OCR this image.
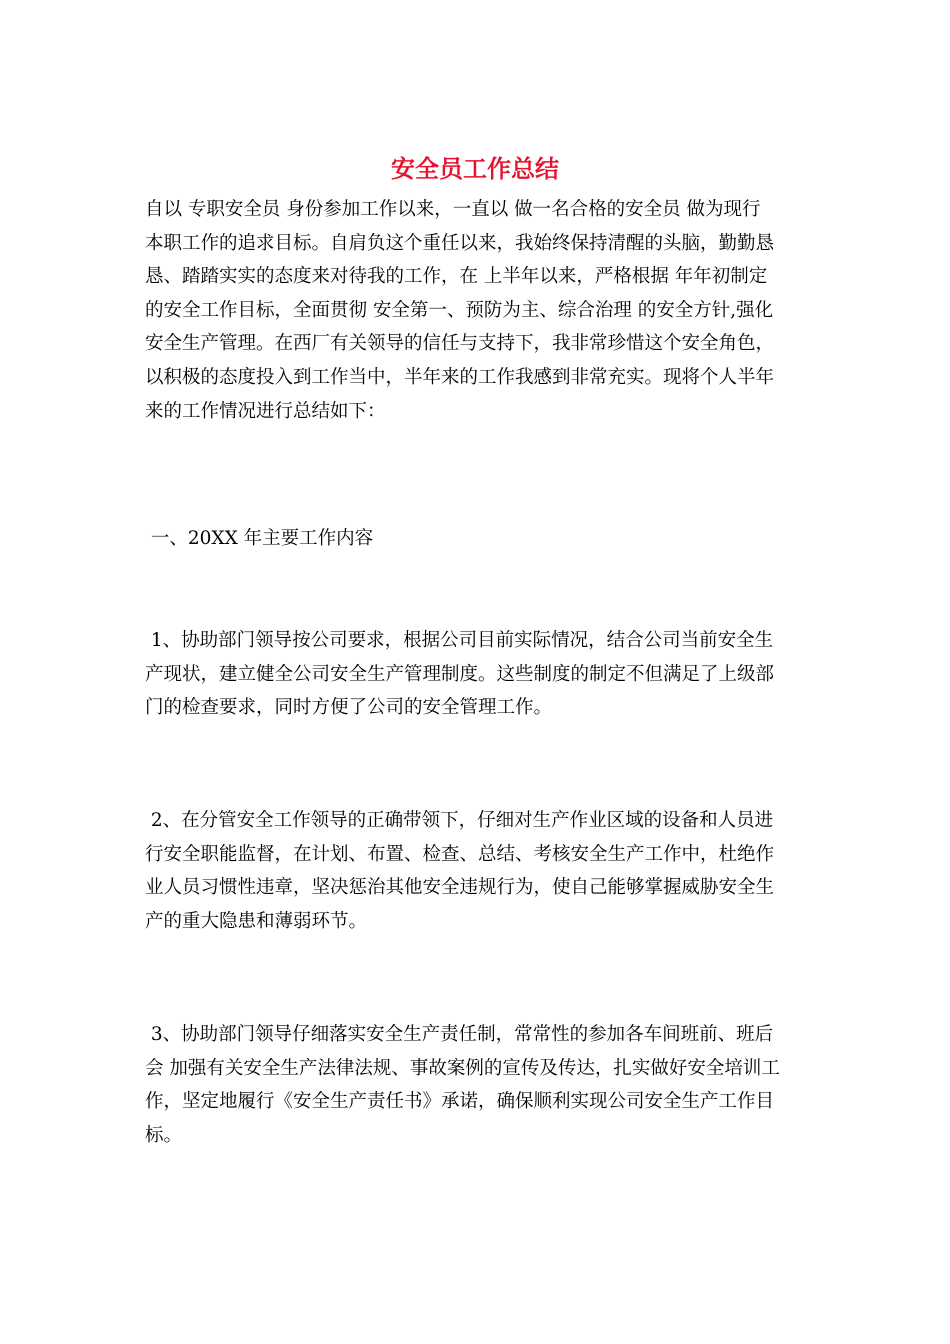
安全员工作总结
自以 专职安全员 身份参加工作以来，一直以 做一名合格的安全员 做为现行
本职工作的追求目标。自肩负这个重任以来，我始终保持清醒的头脑，勤勤恳
恳、踏踏实实的态度来对待我的工作，在 上半年以来，严格根据 年年初制定
的安全工作目标，全面贯彻 安全第一、预防为主、综合治理 的安全方针,强化
安全生产管理。在西厂有关领导的信任与支持下，我非常珍惜这个安全角色，
以积极的态度投入到工作当中，半年来的工作我感到非常充实。现将个人半年
来的工作情况进行总结如下：
一、20XX 年主要工作内容
1、协助部门领导按公司要求，根据公司目前实际情况，结合公司当前安全生
产现状，建立健全公司安全生产管理制度。这些制度的制定不但满足了上级部
门的检查要求，同时方便了公司的安全管理工作。
2、在分管安全工作领导的正确带领下，仔细对生产作业区域的设备和人员进
行安全职能监督，在计划、布置、检查、总结、考核安全生产工作中，杜绝作
业人员习惯性违章，坚决惩治其他安全违规行为，使自己能够掌握威胁安全生
产的重大隐患和薄弱环节。
3、协助部门领导仔细落实安全生产责任制，常常性的参加各车间班前、班后
会 加强有关安全生产法律法规、事故案例的宣传及传达，扎实做好安全培训工
作，坚定地履行《安全生产责任书》承诺，确保顺利实现公司安全生产工作目
标。
